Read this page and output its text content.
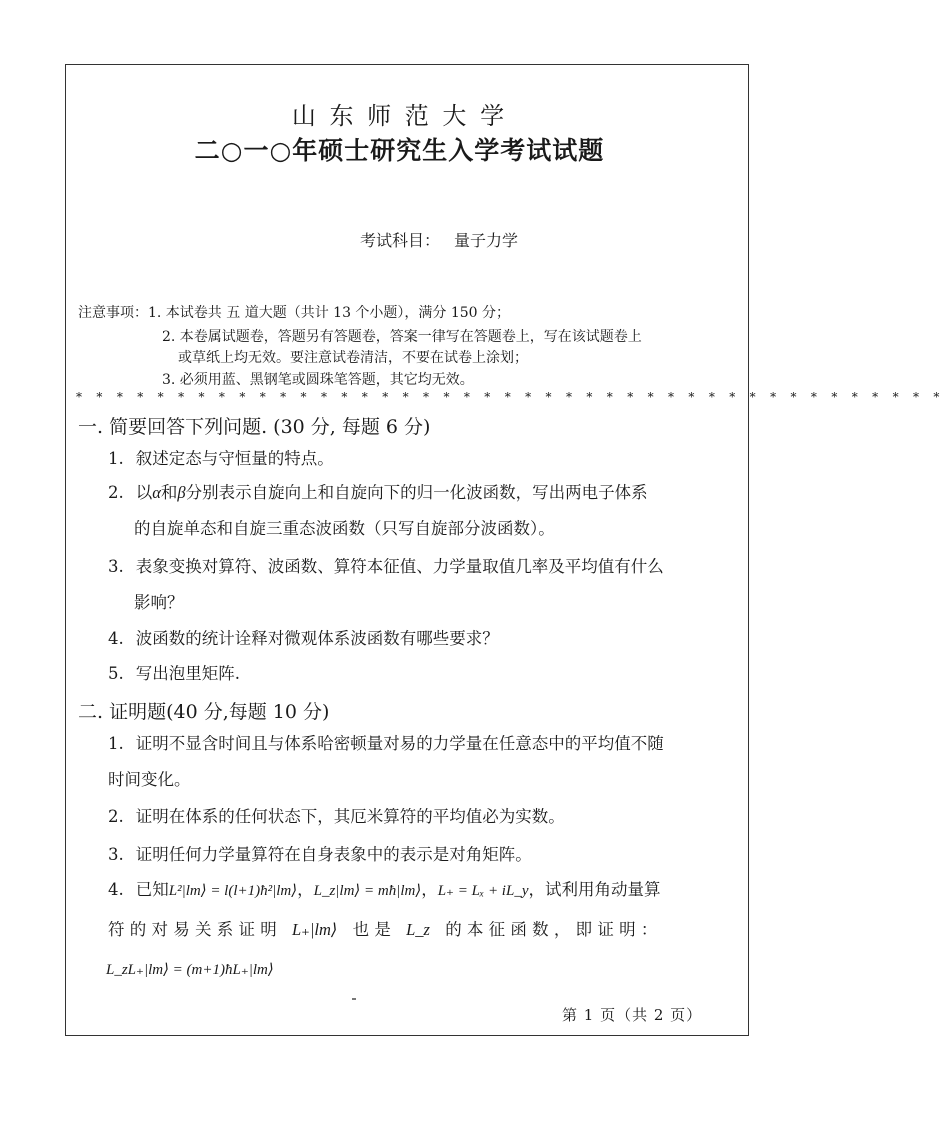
山 东 师 范 大 学
二○一○年硕士研究生入学考试试题
考试科目： 量子力学
注意事项： 1. 本试卷共 五 道大题（共计 13 个小题），满分 150 分；
2. 本卷属试题卷，答题另有答题卷，答案一律写在答题卷上，写在该试题卷上
或草纸上均无效。要注意试卷清洁，不要在试卷上涂划；
3. 必须用蓝、黑钢笔或圆珠笔答题，其它均无效。
* * * * * * * * * * * * * * * * * * * * * * * * * * * * * * * * * * * * * * * * * * *
一. 简要回答下列问题. (30 分, 每题 6 分)
1. 叙述定态与守恒量的特点。
2. 以α和β分别表示自旋向上和自旋向下的归一化波函数，写出两电子体系
的自旋单态和自旋三重态波函数（只写自旋部分波函数）。
3. 表象变换对算符、波函数、算符本征值、力学量取值几率及平均值有什么
影响？
4. 波函数的统计诠释对微观体系波函数有哪些要求？
5. 写出泡里矩阵.
二. 证明题(40 分,每题 10 分)
1. 证明不显含时间且与体系哈密顿量对易的力学量在任意态中的平均值不随
时间变化。
2. 证明在体系的任何状态下，其厄米算符的平均值必为实数。
3. 证明任何力学量算符在自身表象中的表示是对角矩阵。
4. 已知L²|lm⟩ = l(l+1)ħ²|lm⟩，L_z|lm⟩ = mħ|lm⟩，L₊ = Lₓ + iL_y，试利用角动量算
符 的 对 易 关 系 证 明 L₊|lm⟩ 也 是 L_z 的 本 征 函 数 ， 即 证 明 ：
L_zL₊|lm⟩ = (m+1)ħL₊|lm⟩
第 1 页（共 2 页）
